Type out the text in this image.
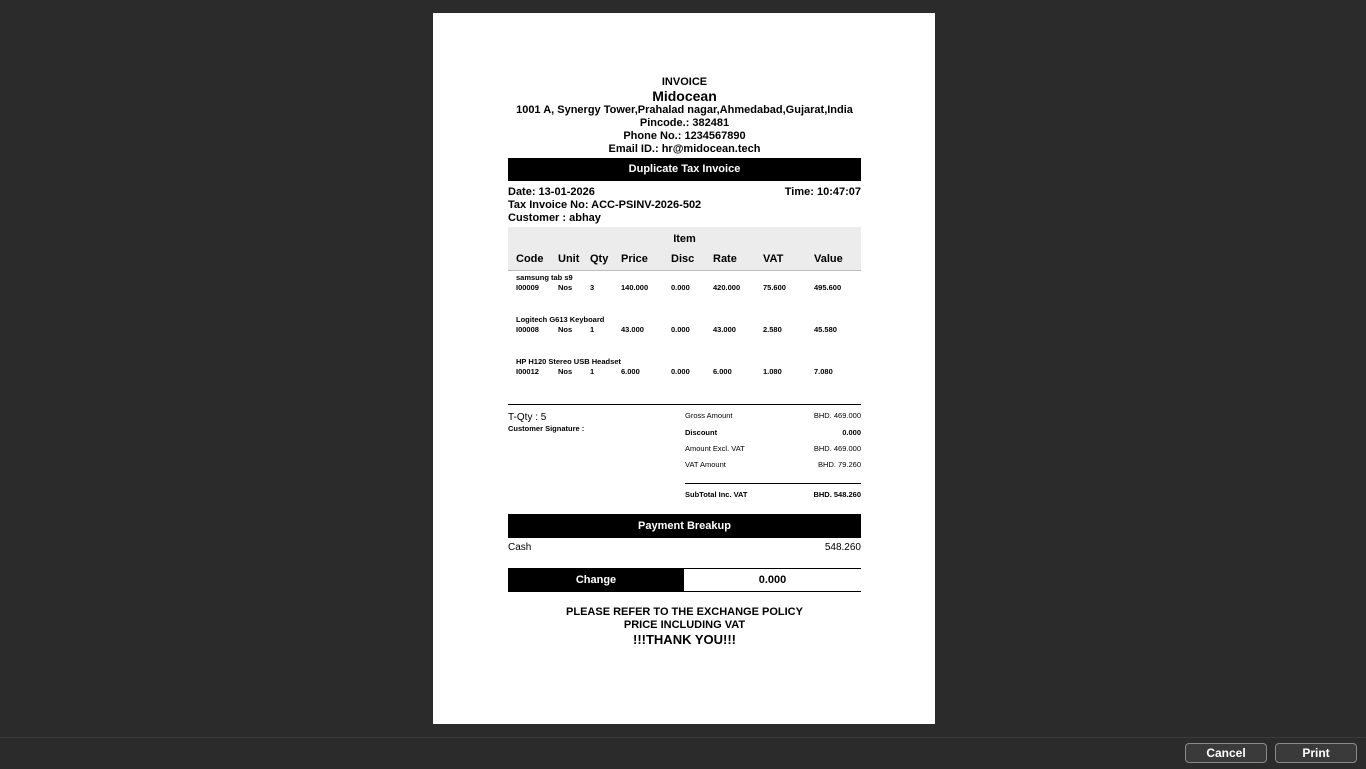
INVOICE
Midocean
1001 A, Synergy Tower,Prahalad nagar,Ahmedabad,Gujarat,India
Pincode.: 382481
Phone No.: 1234567890
Email ID.: hr@midocean.tech
Duplicate Tax Invoice
Date: 13-01-2026	Time: 10:47:07
Tax Invoice No: ACC-PSINV-2026-502
Customer : abhay
Item
Code Unit Qty Price Disc Rate VAT	Value
samsung tab s9
I00009	Nos 3	140.000	0.000	420.000	75.600	495.600
Logitech G613 Keyboard
I00008	Nos 1	43.000	0.000	43.000	2.580	45.580
HP H120 Stereo USB Headset
I00012	Nos 1	6.000	0.000	6.000	1.080	7.080
T-Qty : 5
Customer Signature :
Gross Amount	BHD. 469.000
Discount	0.000
Amount Excl. VAT	BHD. 469.000
VAT Amount	BHD. 79.260
SubTotal Inc. VAT	BHD. 548.260
Payment Breakup
Cash	548.260
Change	0.000
PLEASE REFER TO THE EXCHANGE POLICY
PRICE INCLUDING VAT
!!!THANK YOU!!!
Cancel	Print
